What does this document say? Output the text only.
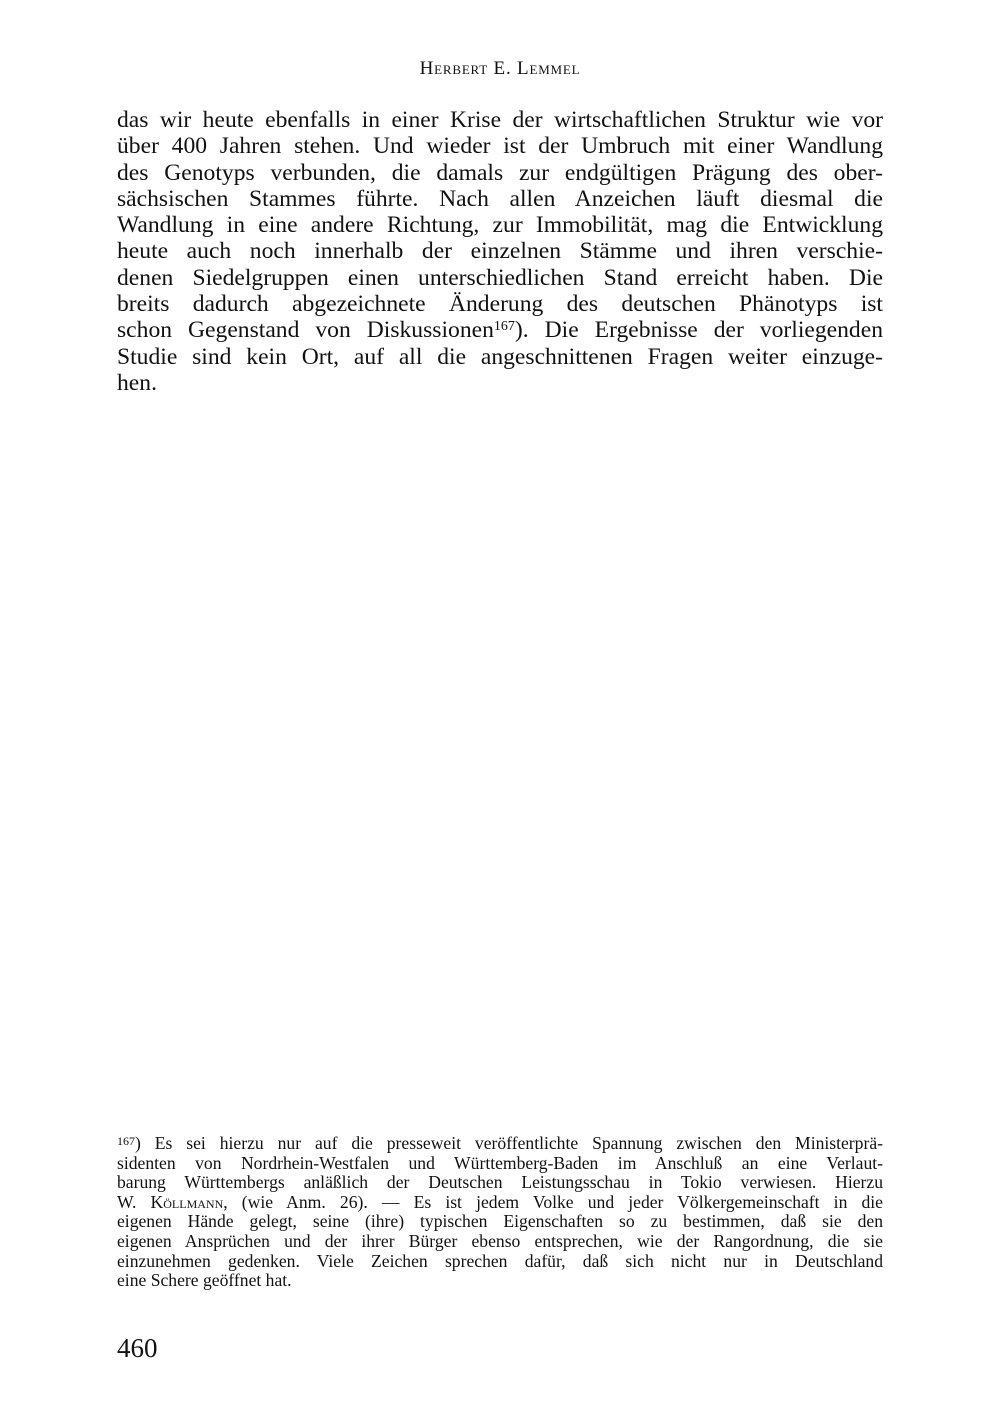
Herbert E. Lemmel
das wir heute ebenfalls in einer Krise der wirtschaftlichen Struktur wie vor
über 400 Jahren stehen. Und wieder ist der Umbruch mit einer Wandlung
des Genotyps verbunden, die damals zur endgültigen Prägung des ober-
sächsischen Stammes führte. Nach allen Anzeichen läuft diesmal die
Wandlung in eine andere Richtung, zur Immobilität, mag die Entwicklung
heute auch noch innerhalb der einzelnen Stämme und ihren verschie-
denen Siedelgruppen einen unterschiedlichen Stand erreicht haben. Die
breits dadurch abgezeichnete Änderung des deutschen Phänotyps ist
schon Gegenstand von Diskussionen$^{167}$). Die Ergebnisse der vorliegenden
Studie sind kein Ort, auf all die angeschnittenen Fragen weiter einzuge-
hen.
$^{167}$) Es sei hierzu nur auf die presseweit veröffentlichte Spannung zwischen den Ministerprä-
sidenten von Nordrhein-Westfalen und Württemberg-Baden im Anschluß an eine Verlaut-
barung Württembergs anläßlich der Deutschen Leistungsschau in Tokio verwiesen. Hierzu
W. Köllmann, (wie Anm. 26). — Es ist jedem Volke und jeder Völkergemeinschaft in die
eigenen Hände gelegt, seine (ihre) typischen Eigenschaften so zu bestimmen, daß sie den
eigenen Ansprüchen und der ihrer Bürger ebenso entsprechen, wie der Rangordnung, die sie
einzunehmen gedenken. Viele Zeichen sprechen dafür, daß sich nicht nur in Deutschland
eine Schere geöffnet hat.
460
